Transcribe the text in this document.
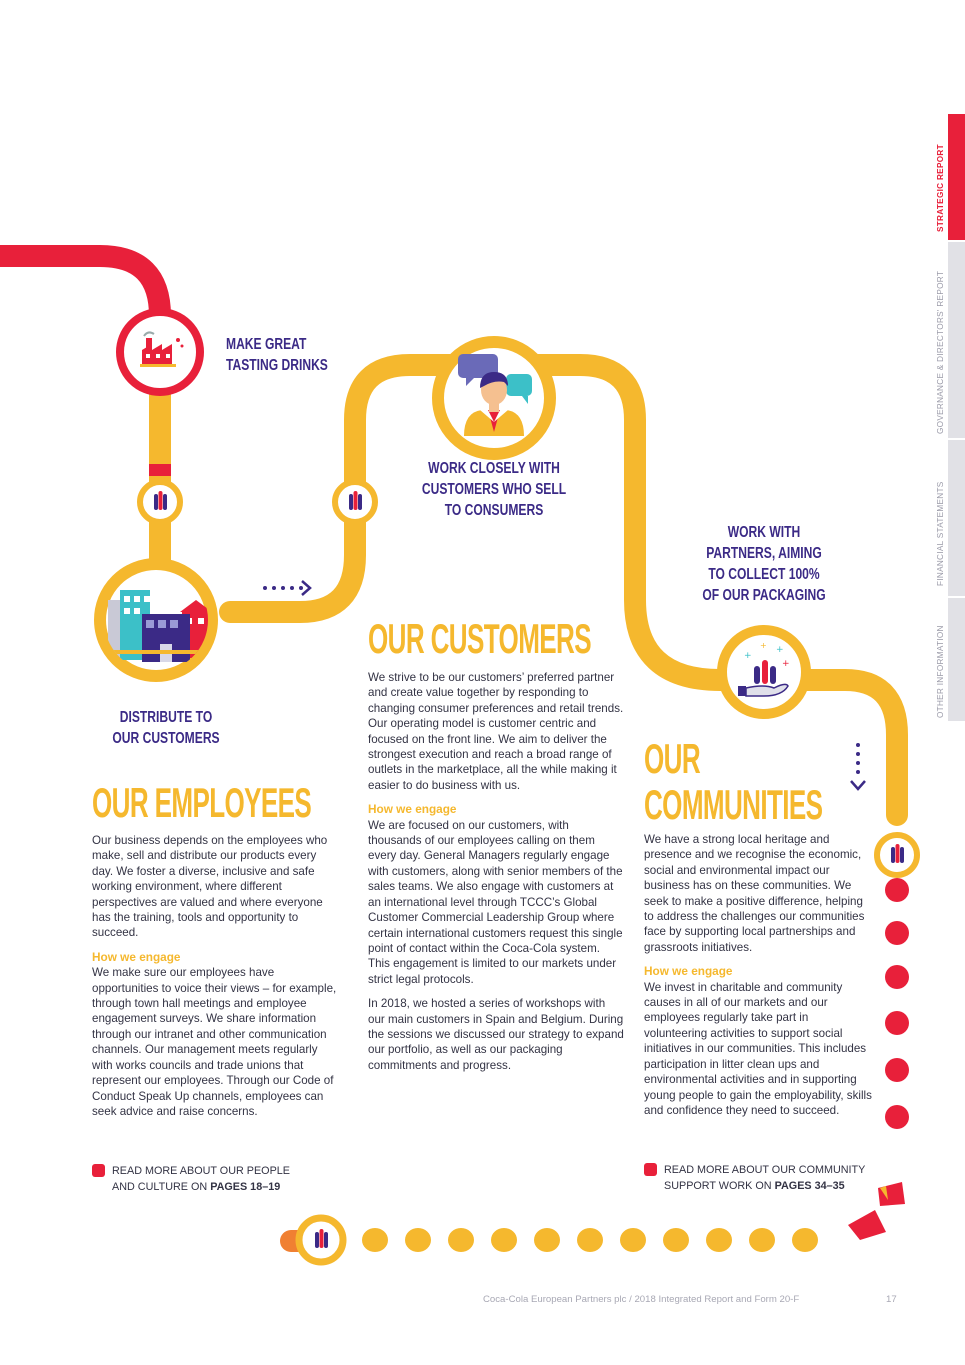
STRATEGIC REPORT
GOVERNANCE & DIRECTORS' REPORT
FINANCIAL STATEMENTS
OTHER INFORMATION
+
+
+
+
MAKE GREAT
TASTING DRINKS
WORK CLOSELY WITH
CUSTOMERS WHO SELL
TO CONSUMERS
WORK WITH
PARTNERS, AIMING
TO COLLECT 100%
OF OUR PACKAGING
DISTRIBUTE TO
OUR CUSTOMERS
OUR EMPLOYEES

Our business depends on the employees who make, sell and distribute our products every day. We foster a diverse, inclusive and safe working environment, where different perspectives are valued and where everyone has the training, tools and opportunity to succeed.

How we engage

We make sure our employees have opportunities to voice their views – for example, through town hall meetings and employee engagement surveys. We share information through our intranet and other communication channels. Our management meets regularly with works councils and trade unions that represent our employees. Through our Code of Conduct Speak Up channels, employees can seek advice and raise concerns.

READ MORE ABOUT OUR PEOPLE
AND CULTURE ON PAGES 18–19
OUR CUSTOMERS

We strive to be our customers’ preferred partner and create value together by responding to changing consumer preferences and retail trends. Our operating model is customer centric and focused on the front line. We aim to deliver the strongest execution and reach a broad range of outlets in the marketplace, all the while making it easier to do business with us.

How we engage

We are focused on our customers, with thousands of our employees calling on them every day. General Managers regularly engage with customers, along with senior members of the sales teams. We also engage with customers at an international level through TCCC’s Global Customer Commercial Leadership Group where certain international customers request this single point of contact within the Coca-Cola system. This engagement is limited to our markets under strict legal protocols.

In 2018, we hosted a series of workshops with our main customers in Spain and Belgium. During the sessions we discussed our strategy to expand our portfolio, as well as our packaging commitments and progress.

OUR
COMMUNITIES

We have a strong local heritage and presence and we recognise the economic, social and environmental impact our business has on these communities. We seek to make a positive difference, helping to address the challenges our communities face by supporting local partnerships and grassroots initiatives.

How we engage

We invest in charitable and community causes in all of our markets and our employees regularly take part in volunteering activities to support social initiatives in our communities. This includes participation in litter clean ups and environmental activities and in supporting young people to gain the employability, skills and confidence they need to succeed.

READ MORE ABOUT OUR COMMUNITY
SUPPORT WORK ON PAGES 34–35
Coca-Cola European Partners plc / 2018 Integrated Report and Form 20-F	17
